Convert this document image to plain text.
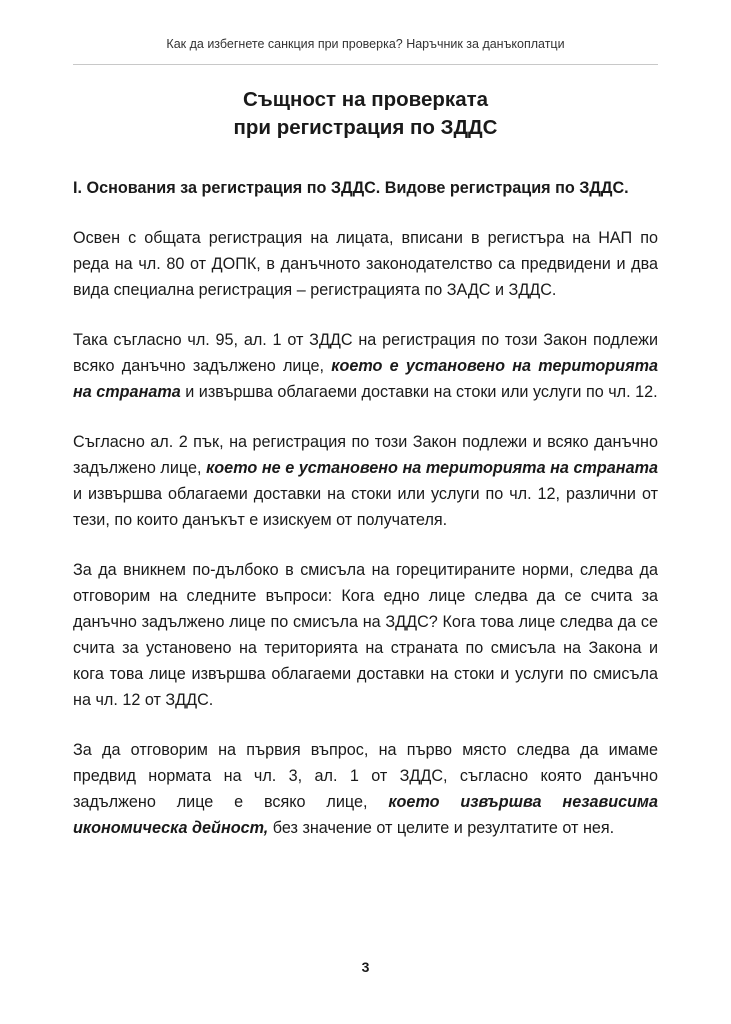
Как да избегнете санкция при проверка? Наръчник за данъкоплатци
Същност на проверката
при регистрация по ЗДДС

I. Основания за регистрация по ЗДДС. Видове регистрация по ЗДДС.

Освен с общата регистрация на лицата, вписани в регистъра на НАП по реда на чл. 80 от ДОПК, в данъчното законодателство са предвидени и два вида специална регистрация – регистрацията по ЗАДС и ЗДДС.

Така съгласно чл. 95, ал. 1 от ЗДДС на регистрация по този Закон подлежи всяко данъчно задължено лице, което е установено на територията на страната и извършва облагаеми доставки на стоки или услуги по чл. 12.

Съгласно ал. 2 пък, на регистрация по този Закон подлежи и всяко данъчно задължено лице, което не е установено на територията на страната и извършва облагаеми доставки на стоки или услуги по чл. 12, различни от тези, по които данъкът е изискуем от получателя.

За да вникнем по-дълбоко в смисъла на горецитираните норми, следва да отговорим на следните въпроси: Кога едно лице следва да се счита за данъчно задължено лице по смисъла на ЗДДС? Кога това лице следва да се счита за установено на територията на страната по смисъла на Закона и кога това лице извършва облагаеми доставки на стоки и услуги по смисъла на чл. 12 от ЗДДС.

За да отговорим на първия въпрос, на първо място следва да имаме предвид нормата на чл. 3, ал. 1 от ЗДДС, съгласно която данъчно задължено лице е всяко лице, което извършва независима икономическа дейност, без значение от целите и резултатите от нея.

3
